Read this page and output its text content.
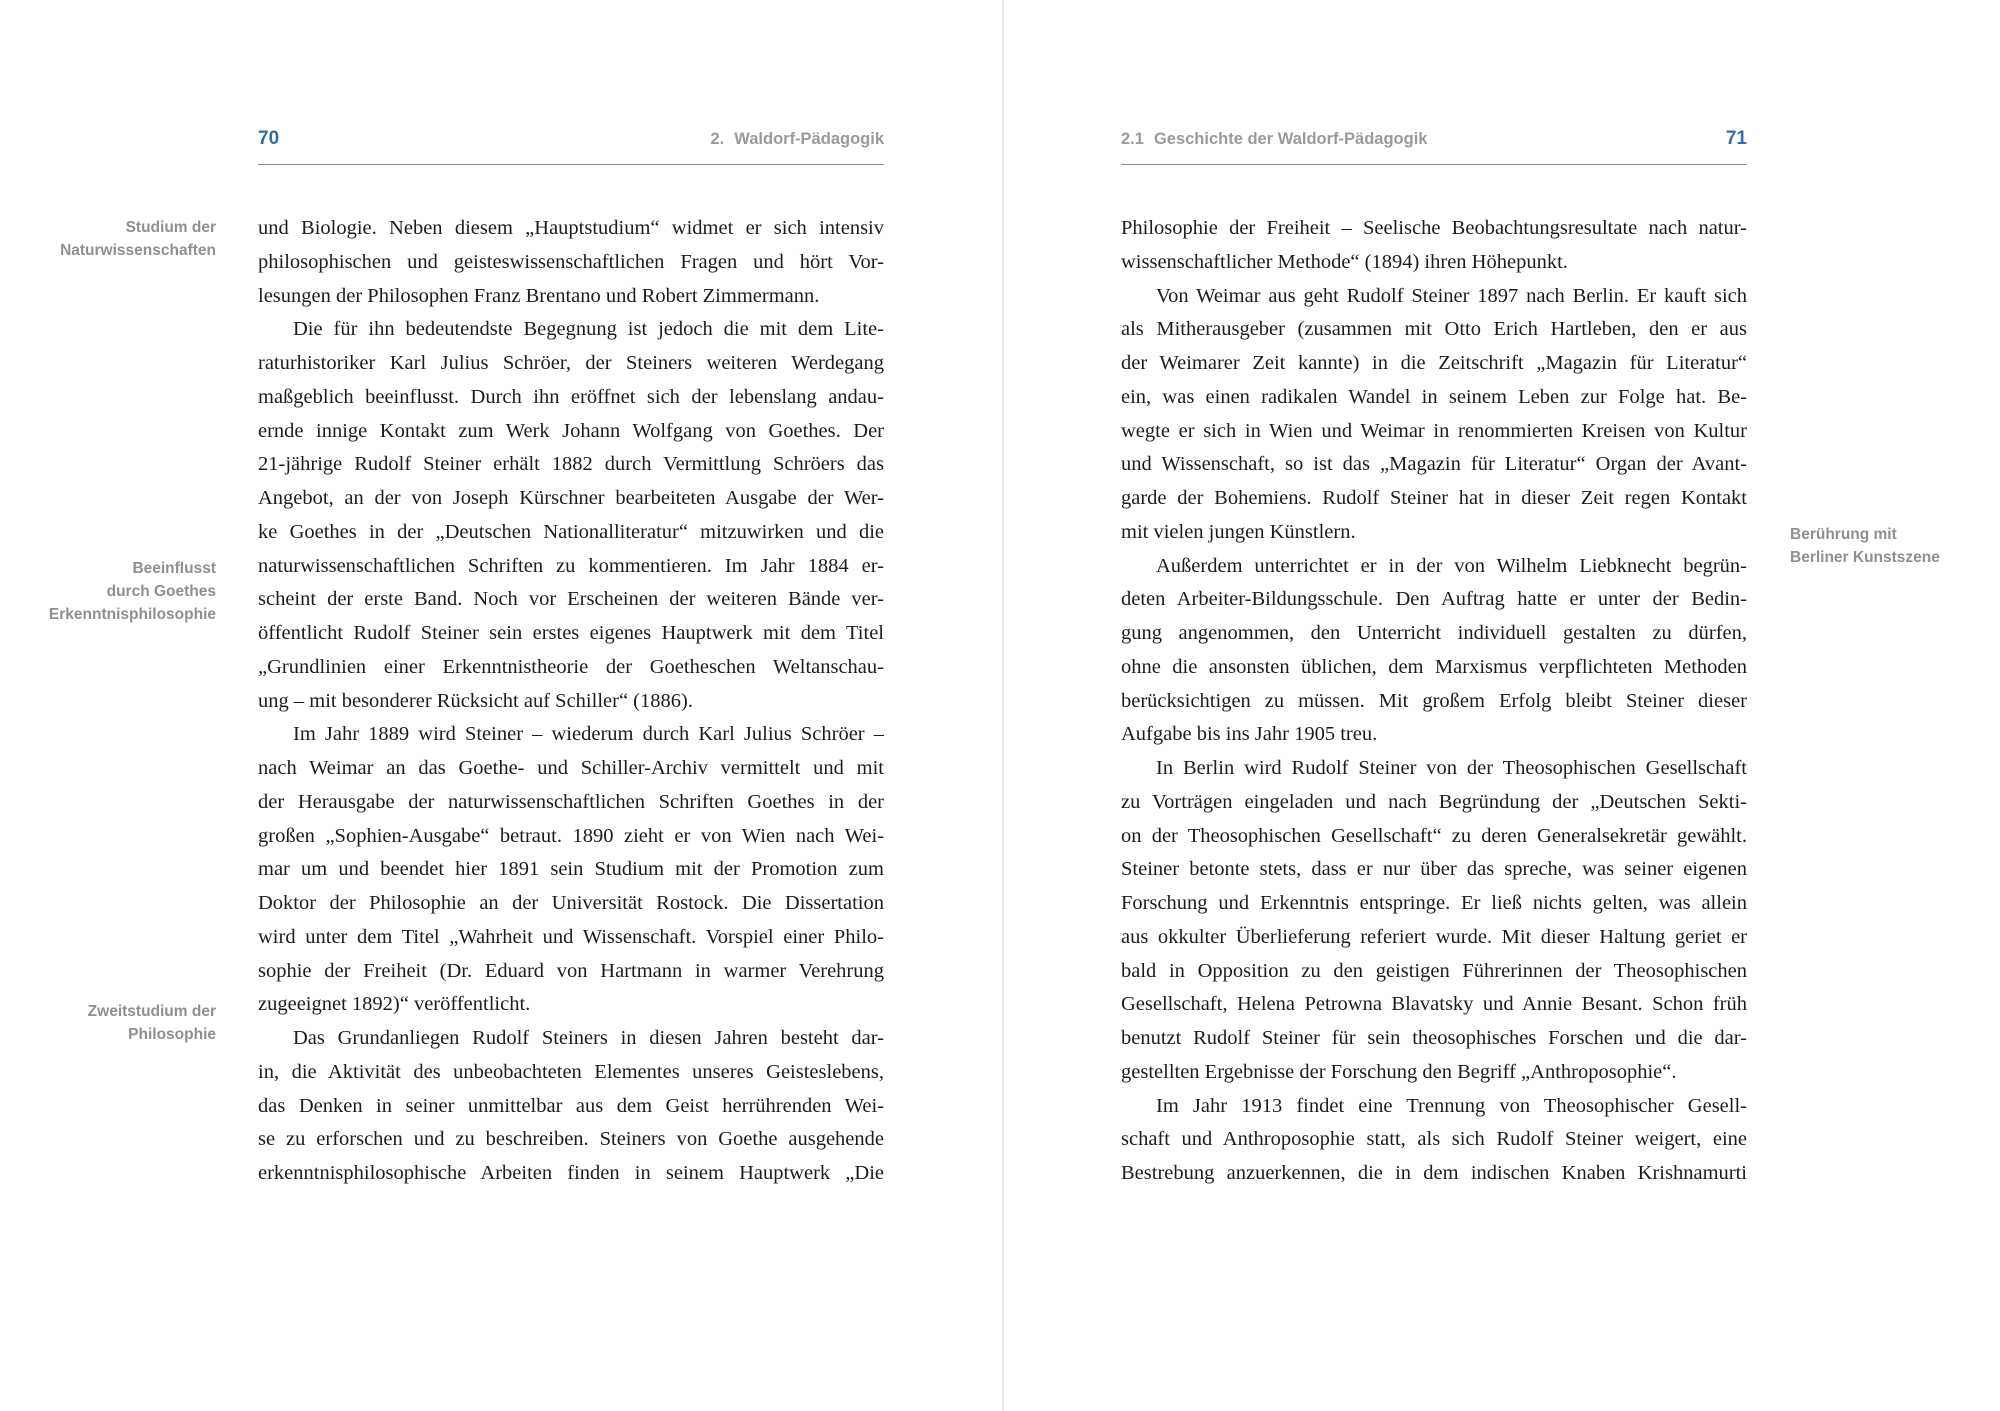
70	2. Waldorf-Pädagogik
Studium der
Naturwissenschaften
Beeinflusst
durch Goethes
Erkenntnisphilosophie
Zweitstudium der
Philosophie
und Biologie. Neben diesem „Hauptstudium“ widmet er sich intensiv
philosophischen und geisteswissenschaftlichen Fragen und hört Vor-
lesungen der Philosophen Franz Brentano und Robert Zimmermann.
Die für ihn bedeutendste Begegnung ist jedoch die mit dem Lite-
raturhistoriker Karl Julius Schröer, der Steiners weiteren Werdegang
maßgeblich beeinflusst. Durch ihn eröffnet sich der lebenslang andau-
ernde innige Kontakt zum Werk Johann Wolfgang von Goethes. Der
21-jährige Rudolf Steiner erhält 1882 durch Vermittlung Schröers das
Angebot, an der von Joseph Kürschner bearbeiteten Ausgabe der Wer-
ke Goethes in der „Deutschen Nationalliteratur“ mitzuwirken und die
naturwissenschaftlichen Schriften zu kommentieren. Im Jahr 1884 er-
scheint der erste Band. Noch vor Erscheinen der weiteren Bände ver-
öffentlicht Rudolf Steiner sein erstes eigenes Hauptwerk mit dem Titel
„Grundlinien einer Erkenntnistheorie der Goetheschen Weltanschau-
ung – mit besonderer Rücksicht auf Schiller“ (1886).
Im Jahr 1889 wird Steiner – wiederum durch Karl Julius Schröer –
nach Weimar an das Goethe- und Schiller-Archiv vermittelt und mit
der Herausgabe der naturwissenschaftlichen Schriften Goethes in der
großen „Sophien-Ausgabe“ betraut. 1890 zieht er von Wien nach Wei-
mar um und beendet hier 1891 sein Studium mit der Promotion zum
Doktor der Philosophie an der Universität Rostock. Die Dissertation
wird unter dem Titel „Wahrheit und Wissenschaft. Vorspiel einer Philo-
sophie der Freiheit (Dr. Eduard von Hartmann in warmer Verehrung
zugeeignet 1892)“ veröffentlicht.
Das Grundanliegen Rudolf Steiners in diesen Jahren besteht dar-
in, die Aktivität des unbeobachteten Elementes unseres Geisteslebens,
das Denken in seiner unmittelbar aus dem Geist herrührenden Wei-
se zu erforschen und zu beschreiben. Steiners von Goethe ausgehende
erkenntnisphilosophische Arbeiten finden in seinem Hauptwerk „Die
2.1 Geschichte der Waldorf-Pädagogik	71
Berührung mit
Berliner Kunstszene
Philosophie der Freiheit – Seelische Beobachtungsresultate nach natur-
wissenschaftlicher Methode“ (1894) ihren Höhepunkt.
Von Weimar aus geht Rudolf Steiner 1897 nach Berlin. Er kauft sich
als Mitherausgeber (zusammen mit Otto Erich Hartleben, den er aus
der Weimarer Zeit kannte) in die Zeitschrift „Magazin für Literatur“
ein, was einen radikalen Wandel in seinem Leben zur Folge hat. Be-
wegte er sich in Wien und Weimar in renommierten Kreisen von Kultur
und Wissenschaft, so ist das „Magazin für Literatur“ Organ der Avant-
garde der Bohemiens. Rudolf Steiner hat in dieser Zeit regen Kontakt
mit vielen jungen Künstlern.
Außerdem unterrichtet er in der von Wilhelm Liebknecht begrün-
deten Arbeiter-Bildungsschule. Den Auftrag hatte er unter der Bedin-
gung angenommen, den Unterricht individuell gestalten zu dürfen,
ohne die ansonsten üblichen, dem Marxismus verpflichteten Methoden
berücksichtigen zu müssen. Mit großem Erfolg bleibt Steiner dieser
Aufgabe bis ins Jahr 1905 treu.
In Berlin wird Rudolf Steiner von der Theosophischen Gesellschaft
zu Vorträgen eingeladen und nach Begründung der „Deutschen Sekti-
on der Theosophischen Gesellschaft“ zu deren Generalsekretär gewählt.
Steiner betonte stets, dass er nur über das spreche, was seiner eigenen
Forschung und Erkenntnis entspringe. Er ließ nichts gelten, was allein
aus okkulter Überlieferung referiert wurde. Mit dieser Haltung geriet er
bald in Opposition zu den geistigen Führerinnen der Theosophischen
Gesellschaft, Helena Petrowna Blavatsky und Annie Besant. Schon früh
benutzt Rudolf Steiner für sein theosophisches Forschen und die dar-
gestellten Ergebnisse der Forschung den Begriff „Anthroposophie“.
Im Jahr 1913 findet eine Trennung von Theosophischer Gesell-
schaft und Anthroposophie statt, als sich Rudolf Steiner weigert, eine
Bestrebung anzuerkennen, die in dem indischen Knaben Krishnamurti
